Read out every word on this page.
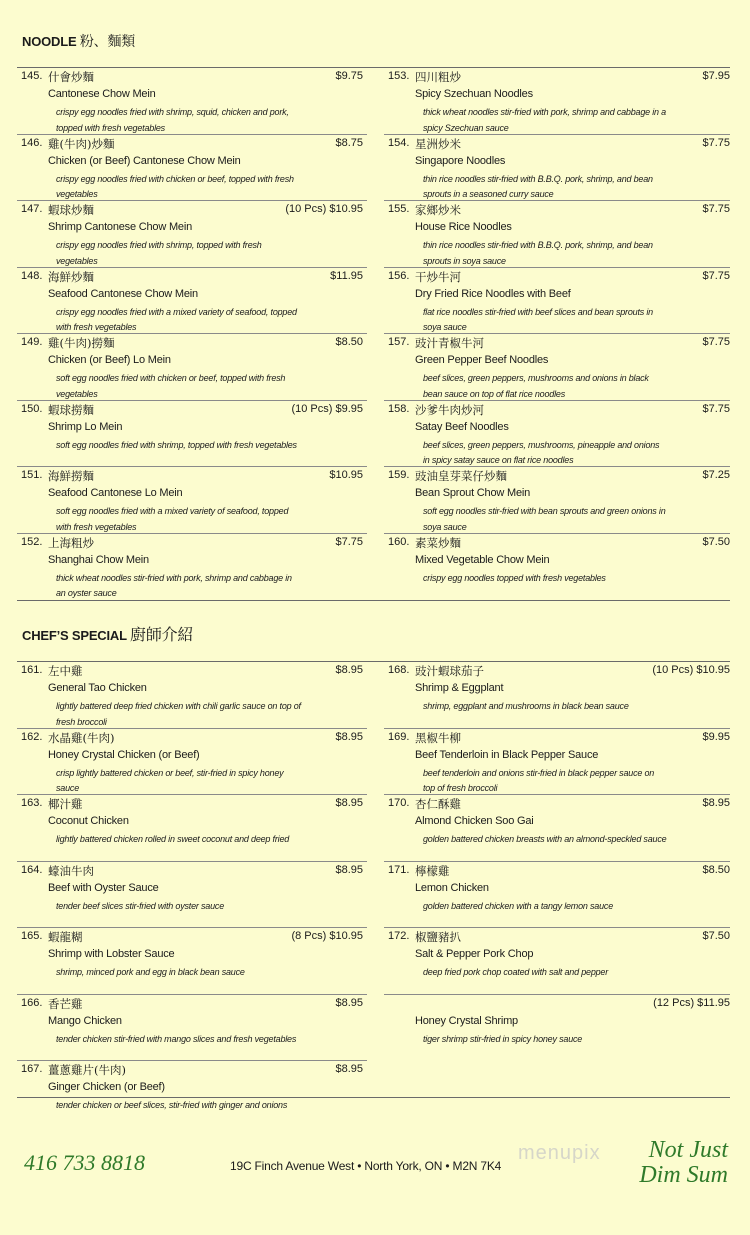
NOODLE 粉、麵類
145. 什會炒麵	$9.75
Cantonese Chow Mein
crispy egg noodles fried with shrimp, squid, chicken and pork, topped with fresh vegetables
146. 雞(牛肉)炒麵	$8.75
Chicken (or Beef) Cantonese Chow Mein
crispy egg noodles fried with chicken or beef, topped with fresh vegetables
147. 蝦球炒麵	(10 Pcs) $10.95
Shrimp Cantonese Chow Mein
crispy egg noodles fried with shrimp, topped with fresh vegetables
148. 海鮮炒麵	$11.95
Seafood Cantonese Chow Mein
crispy egg noodles fried with a mixed variety of seafood, topped with fresh vegetables
149. 雞(牛肉)撈麵	$8.50
Chicken (or Beef) Lo Mein
soft egg noodles fried with chicken or beef, topped with fresh vegetables
150. 蝦球撈麵	(10 Pcs) $9.95
Shrimp Lo Mein
soft egg noodles fried with shrimp, topped with fresh vegetables
151. 海鮮撈麵	$10.95
Seafood Cantonese Lo Mein
soft egg noodles fried with a mixed variety of seafood, topped with fresh vegetables
152. 上海粗炒	$7.75
Shanghai Chow Mein
thick wheat noodles stir-fried with pork, shrimp and cabbage in an oyster sauce
153. 四川粗炒	$7.95
Spicy Szechuan Noodles
thick wheat noodles stir-fried with pork, shrimp and cabbage in a spicy Szechuan sauce
154. 星洲炒米	$7.75
Singapore Noodles
thin rice noodles stir-fried with B.B.Q. pork, shrimp, and bean sprouts in a seasoned curry sauce
155. 家鄉炒米	$7.75
House Rice Noodles
thin rice noodles stir-fried with B.B.Q. pork, shrimp, and bean sprouts in soya sauce
156. 干炒牛河	$7.75
Dry Fried Rice Noodles with Beef
flat rice noodles stir-fried with beef slices and bean sprouts in soya sauce
157. 豉汁青椒牛河	$7.75
Green Pepper Beef Noodles
beef slices, green peppers, mushrooms and onions in black bean sauce on top of flat rice noodles
158. 沙爹牛肉炒河	$7.75
Satay Beef Noodles
beef slices, green peppers, mushrooms, pineapple and onions in spicy satay sauce on flat rice noodles
159. 豉油皇芽菜仔炒麵	$7.25
Bean Sprout Chow Mein
soft egg noodles stir-fried with bean sprouts and green onions in soya sauce
160. 素菜炒麵	$7.50
Mixed Vegetable Chow Mein
crispy egg noodles topped with fresh vegetables
CHEF’S SPECIAL 廚師介紹
161. 左中雞	$8.95
General Tao Chicken
lightly battered deep fried chicken with chili garlic sauce on top of fresh broccoli
162. 水晶雞(牛肉)	$8.95
Honey Crystal Chicken (or Beef)
crisp lightly battered chicken or beef, stir-fried in spicy honey sauce
163. 椰汁雞	$8.95
Coconut Chicken
lightly battered chicken rolled in sweet coconut and deep fried
164. 蠔油牛肉	$8.95
Beef with Oyster Sauce
tender beef slices stir-fried with oyster sauce
165. 蝦龍糊	(8 Pcs) $10.95
Shrimp with Lobster Sauce
shrimp, minced pork and egg in black bean sauce
166. 香芒雞	$8.95
Mango Chicken
tender chicken stir-fried with mango slices and fresh vegetables
167. 薑蔥雞片(牛肉)	$8.95
Ginger Chicken (or Beef)
tender chicken or beef slices, stir-fried with ginger and onions
168. 豉汁蝦球茄子	(10 Pcs) $10.95
Shrimp & Eggplant
shrimp, eggplant and mushrooms in black bean sauce
169. 黑椒牛柳	$9.95
Beef Tenderloin in Black Pepper Sauce
beef tenderloin and onions stir-fried in black pepper sauce on top of fresh broccoli
170. 杏仁酥雞	$8.95
Almond Chicken Soo Gai
golden battered chicken breasts with an almond-speckled sauce
171. 檸檬雞	$8.50
Lemon Chicken
golden battered chicken with a tangy lemon sauce
172. 椒鹽豬扒	$7.50
Salt & Pepper Pork Chop
deep fried pork chop coated with salt and pepper
(12 Pcs) $11.95
Honey Crystal Shrimp
tiger shrimp stir-fried in spicy honey sauce
416 733 8818	19C Finch Avenue West • North York, ON • M2N 7K4
menupix	Not Just
Dim Sum
